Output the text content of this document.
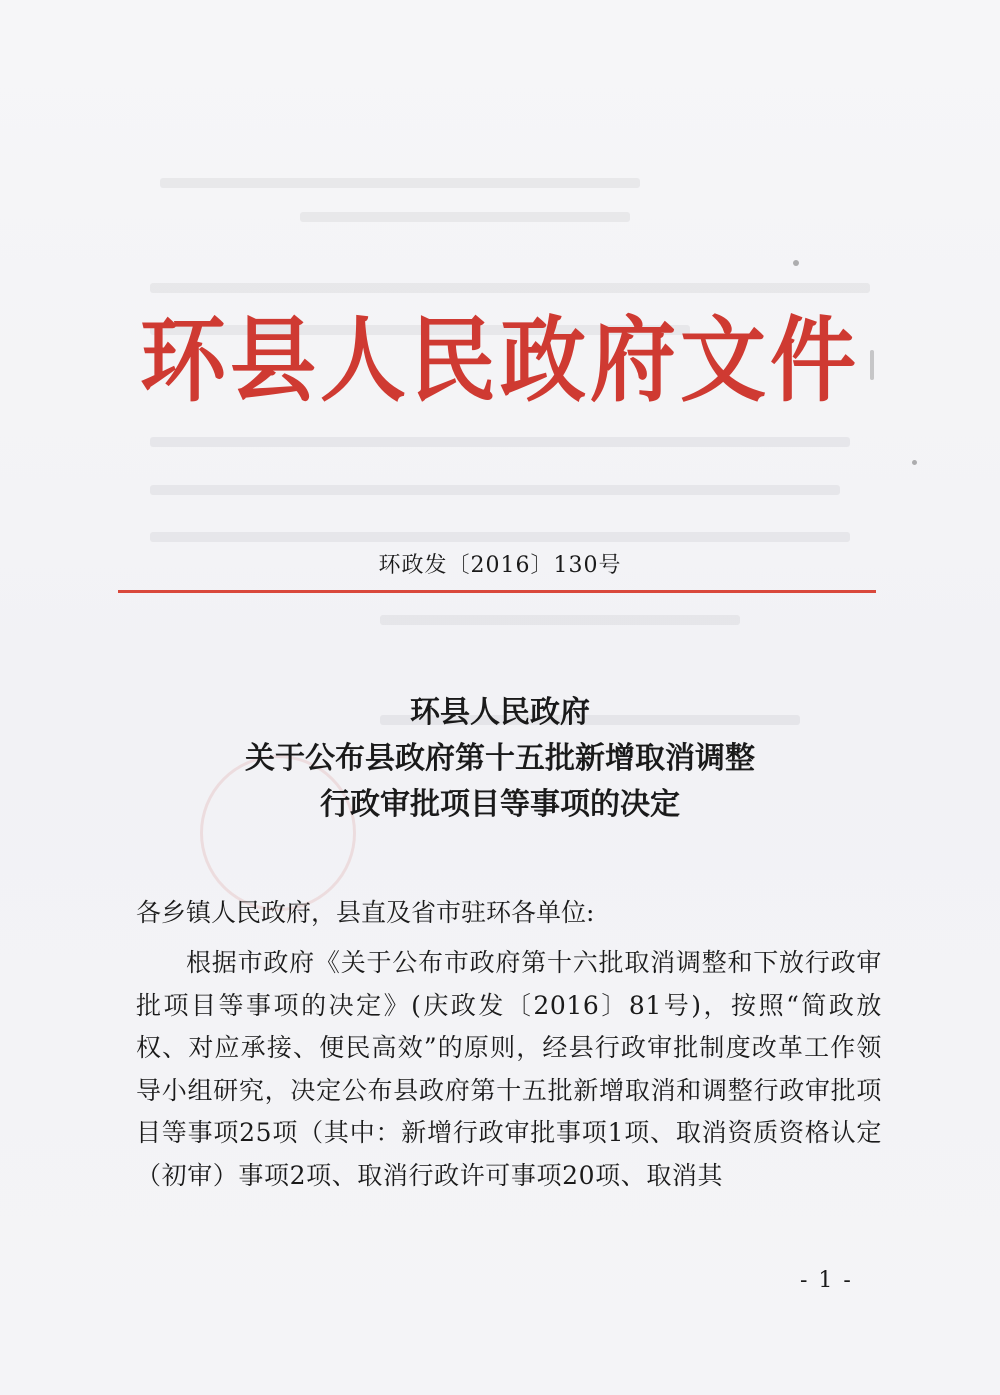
环县人民政府文件
环政发〔2016〕130号
环县人民政府
关于公布县政府第十五批新增取消调整
行政审批项目等事项的决定
各乡镇人民政府，县直及省市驻环各单位:
根据市政府《关于公布市政府第十六批取消调整和下放行政审批项目等事项的决定》(庆政发〔2016〕81号)，按照“简政放权、对应承接、便民高效”的原则，经县行政审批制度改革工作领导小组研究，决定公布县政府第十五批新增取消和调整行政审批项目等事项25项（其中：新增行政审批事项1项、取消资质资格认定（初审）事项2项、取消行政许可事项20项、取消其
- 1 -
